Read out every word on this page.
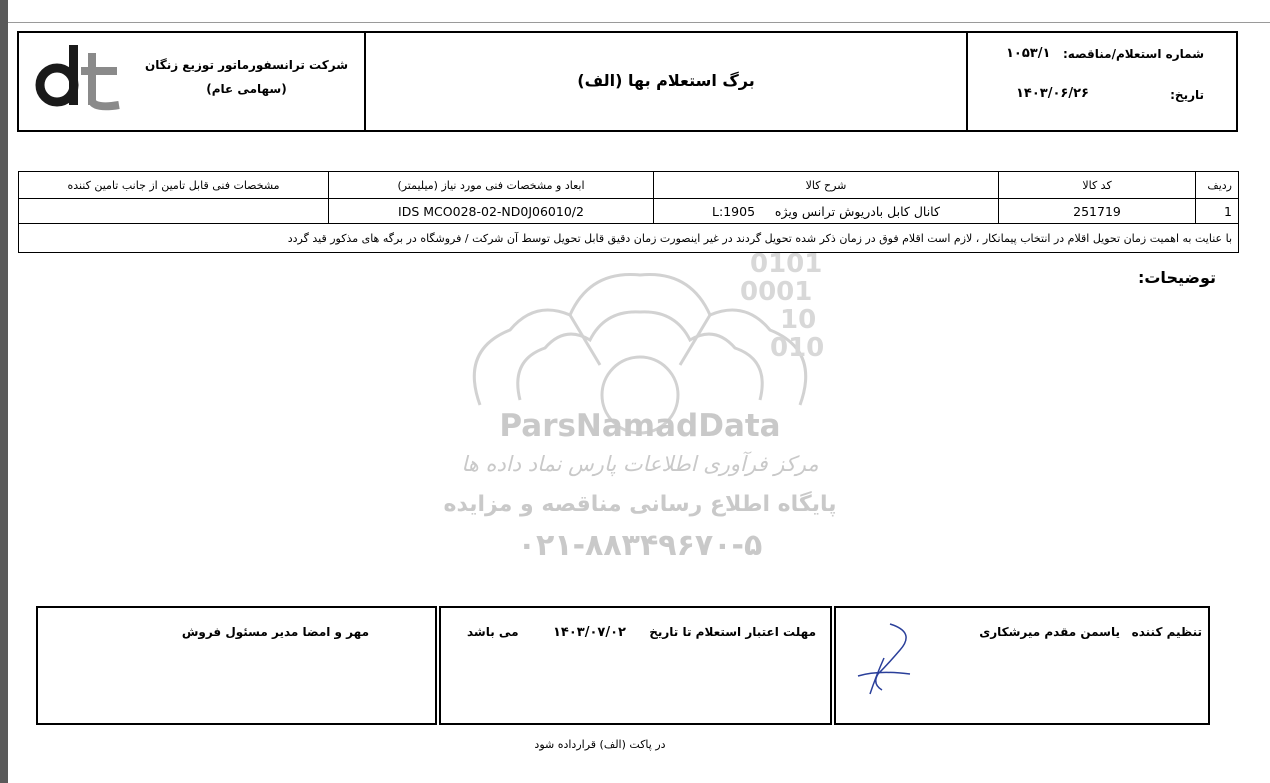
شماره استعلام/مناقصه:
۱۰۵۳/۱
تاریخ:
۱۴۰۳/۰۶/۲۶
برگ استعلام بها (الف)
شرکت ترانسفورماتور توزیع زنگان
(سهامی عام)
0101
0001
10
010
ParsNamadData
مرکز فرآوری اطلاعات پارس نماد داده ها
پایگاه اطلاع رسانی مناقصه و مزایده
۰۲۱-۸۸۳۴۹۶۷۰-۵
ردیف	کد کالا	شرح کالا	ابعاد و مشخصات فنی مورد نیاز (میلیمتر)	مشخصات فنی قابل تامین از جانب تامین کننده
1	251719	کانال کابل بادریوش ترانس ویژه     L:1905	IDS MCO028-02-ND0J06010/2	
با عنایت به اهمیت زمان تحویل اقلام در انتخاب پیمانکار ، لازم است اقلام فوق در زمان ذکر شده تحویل گردند در غیر اینصورت زمان دقیق قابل تحویل توسط آن شرکت / فروشگاه در برگه های مذکور قید گردد				
توضیحات:
تنظیم کننده
یاسمن مقدم میرشکاری
مهلت اعتبار استعلام تا تاریخ
۱۴۰۳/۰۷/۰۲
می باشد
مهر و امضا مدیر مسئول فروش
در پاکت (الف) قرارداده شود
